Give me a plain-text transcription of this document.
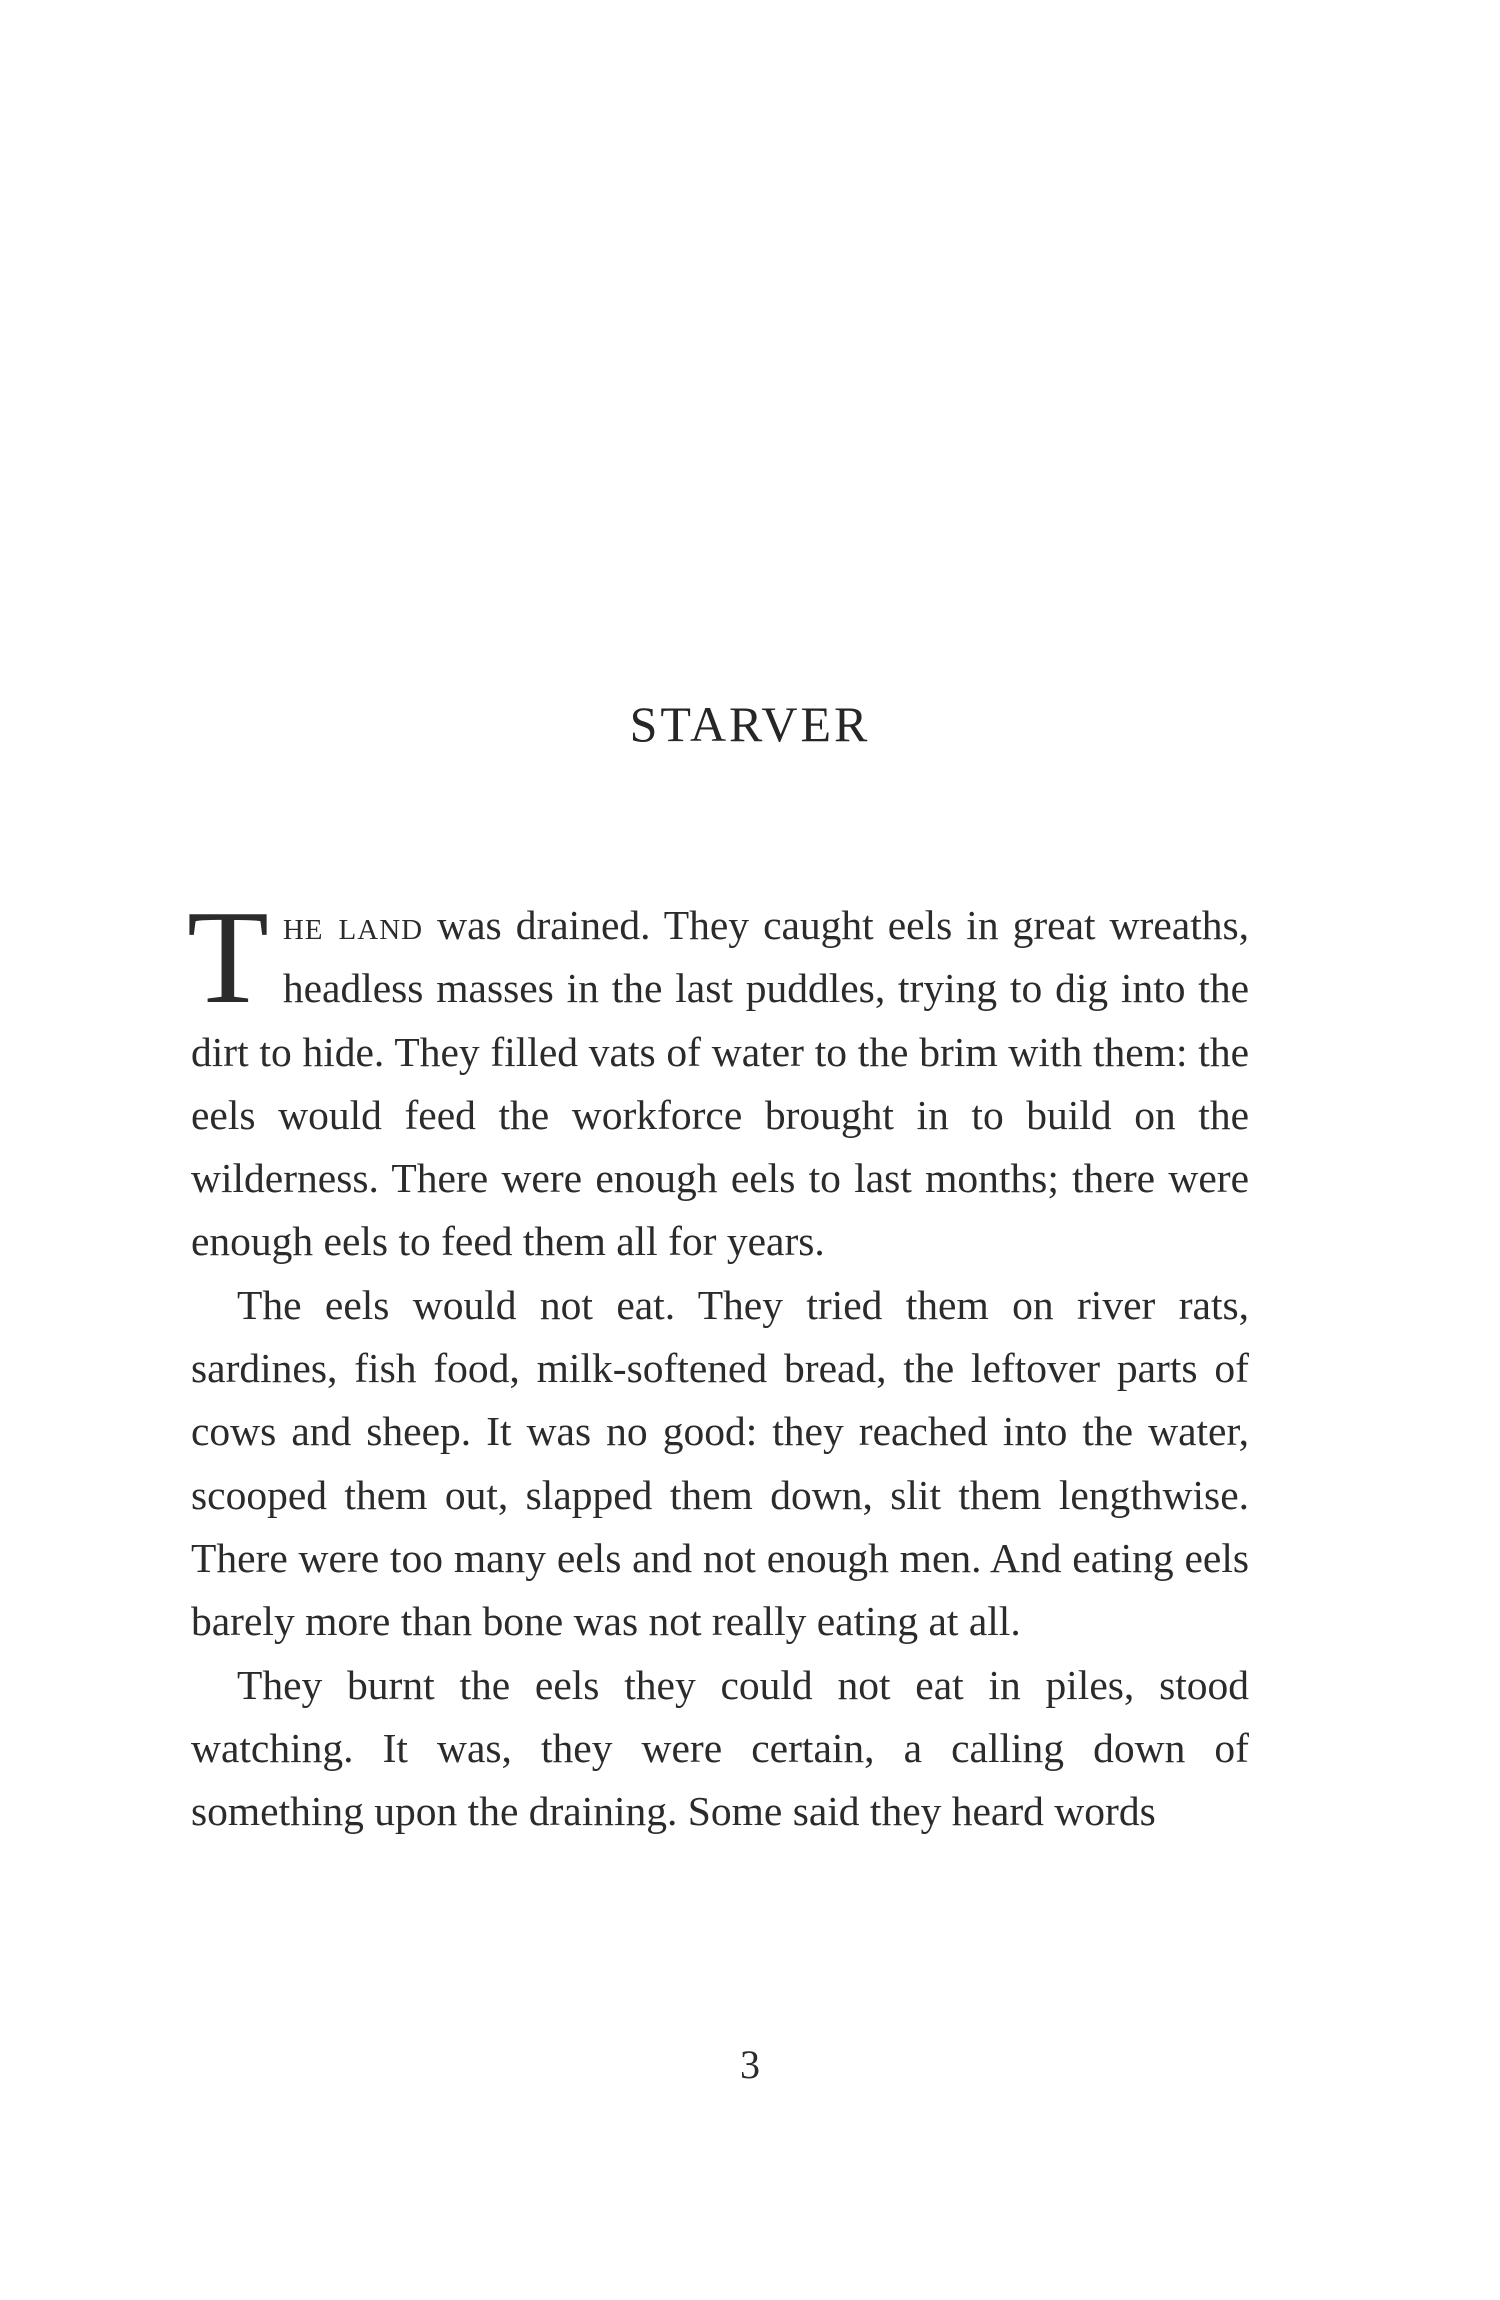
STARVER

The land was drained. They caught eels in great wreaths, headless masses in the last puddles, trying to dig into the dirt to hide. They filled vats of water to the brim with them: the eels would feed the workforce brought in to build on the wilderness. There were enough eels to last months; there were enough eels to feed them all for years.

The eels would not eat. They tried them on river rats, sardines, fish food, milk-softened bread, the leftover parts of cows and sheep. It was no good: they reached into the water, scooped them out, slapped them down, slit them lengthwise. There were too many eels and not enough men. And eating eels barely more than bone was not really eating at all.

They burnt the eels they could not eat in piles, stood watching. It was, they were certain, a calling down of something upon the draining. Some said they heard words

3
